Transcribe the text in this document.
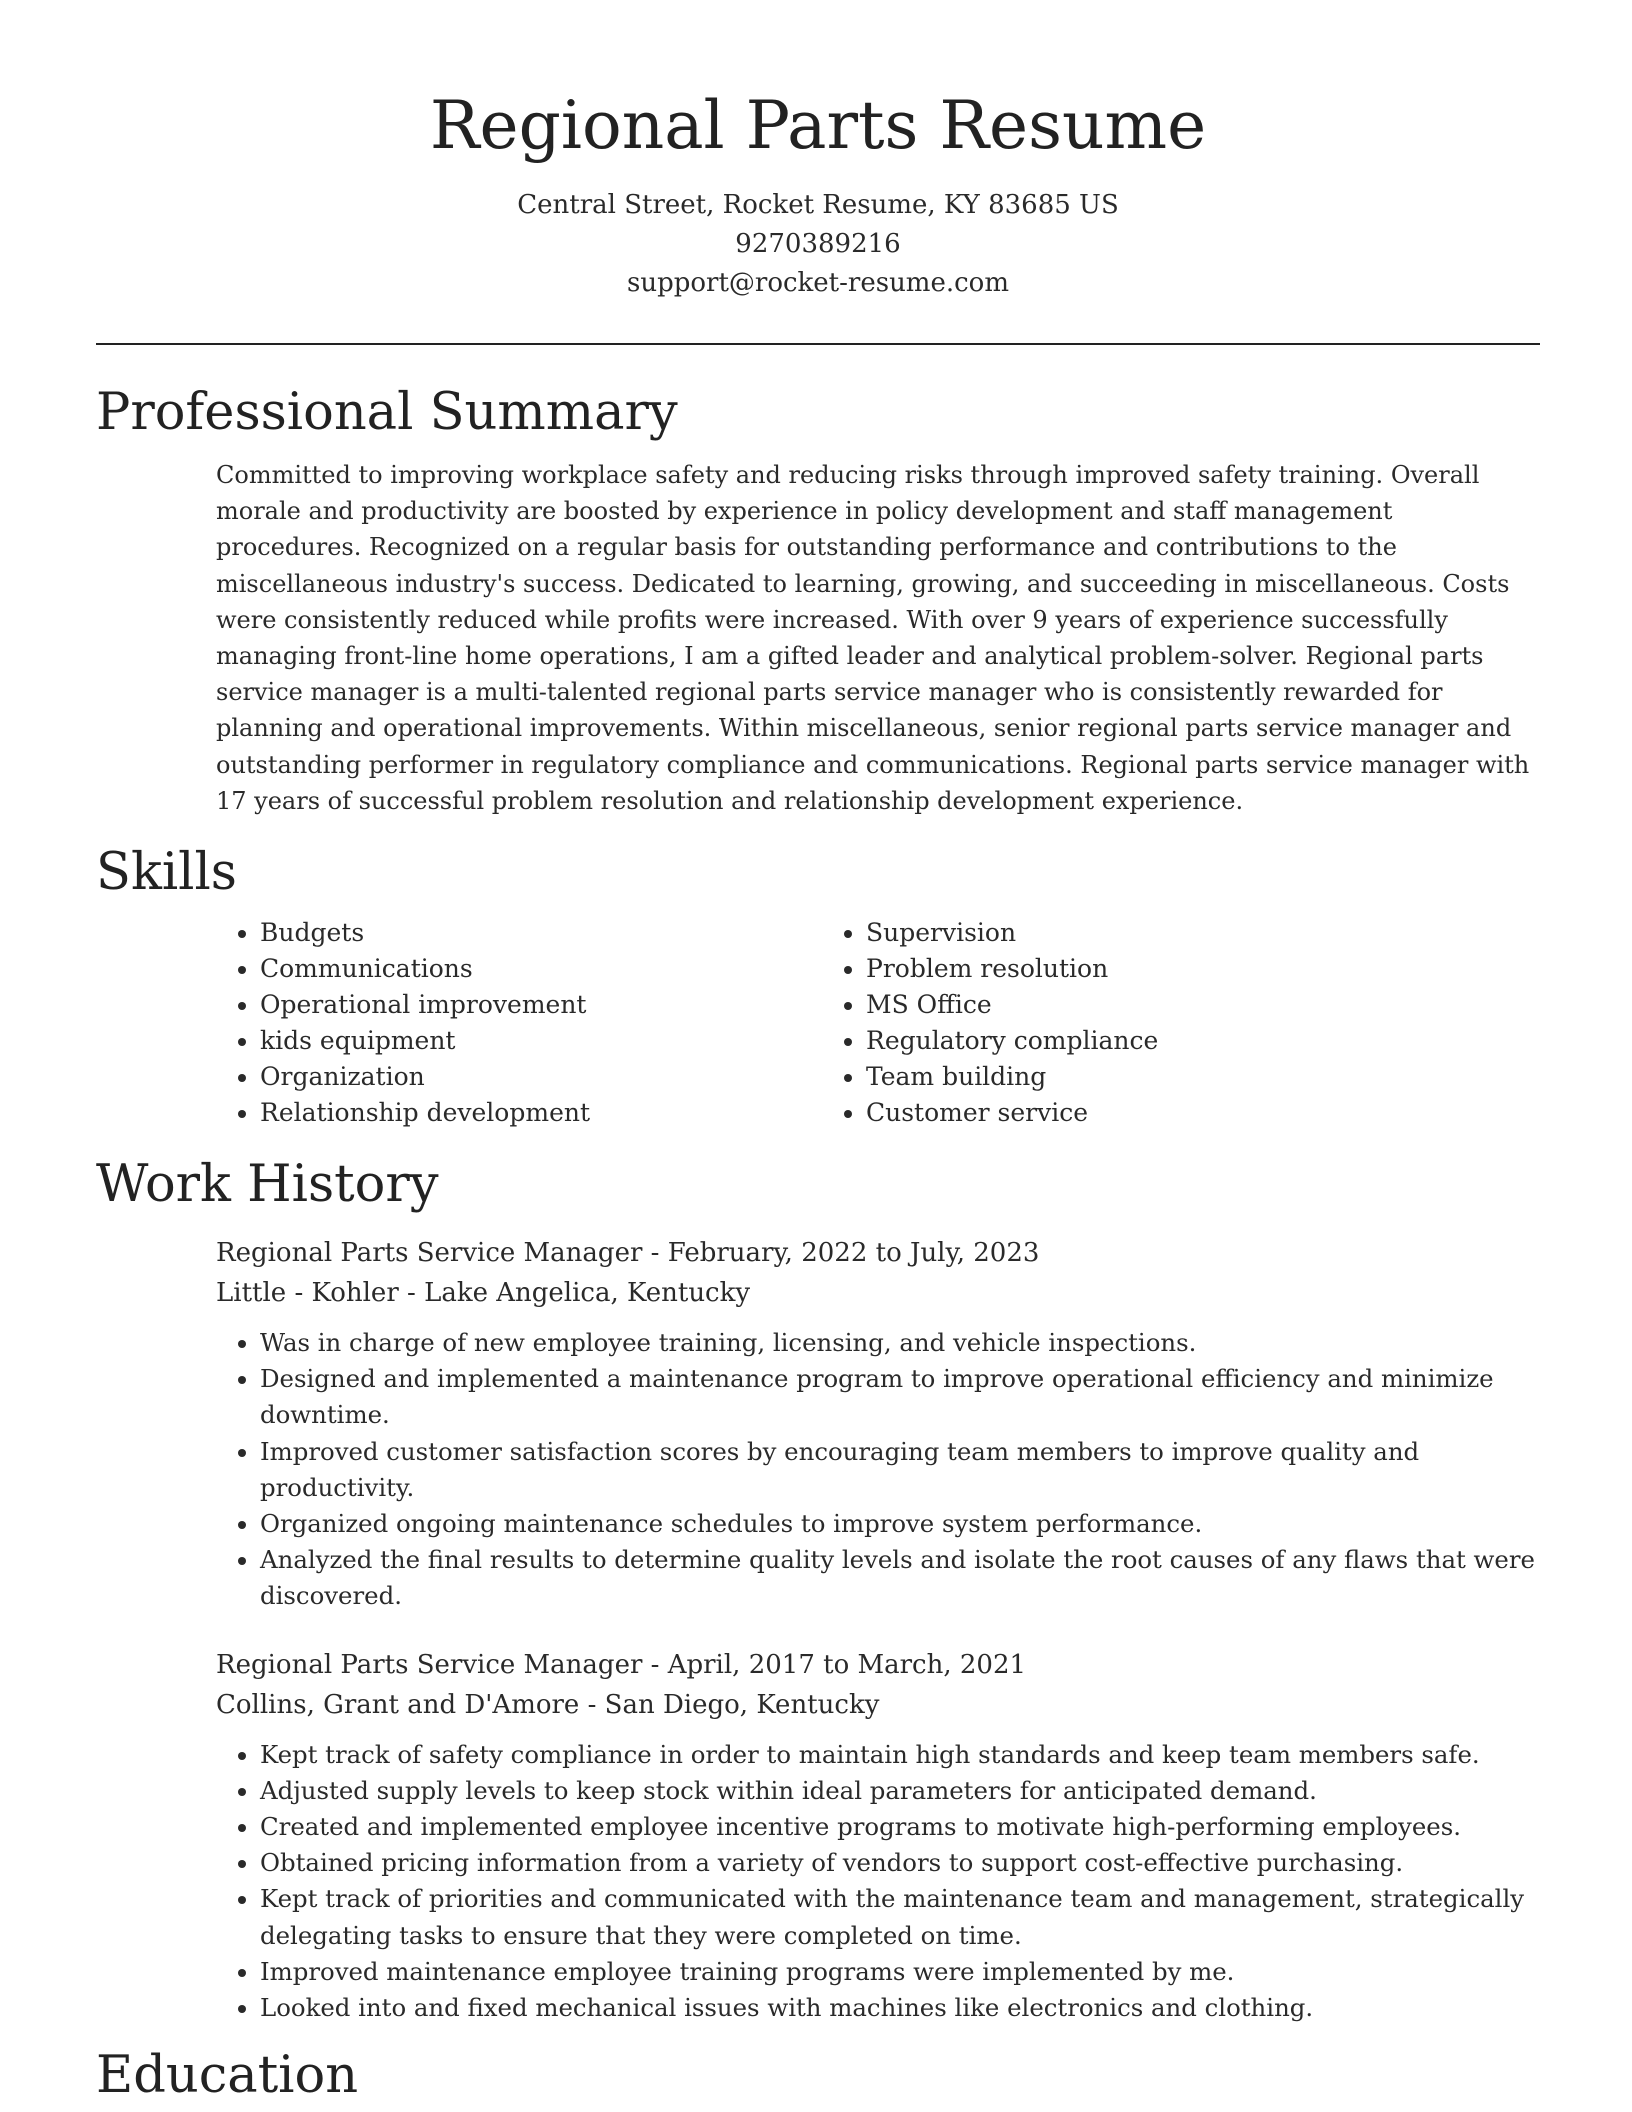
Regional Parts Resume
Central Street, Rocket Resume, KY 83685 US
9270389216
support@rocket-resume.com
Professional Summary

Committed to improving workplace safety and reducing risks through improved safety training. Overall morale and productivity are boosted by experience in policy development and staff management procedures. Recognized on a regular basis for outstanding performance and contributions to the miscellaneous industry's success. Dedicated to learning, growing, and succeeding in miscellaneous. Costs were consistently reduced while profits were increased. With over 9 years of experience successfully managing front-line home operations, I am a gifted leader and analytical problem-solver. Regional parts service manager is a multi-talented regional parts service manager who is consistently rewarded for planning and operational improvements. Within miscellaneous, senior regional parts service manager and outstanding performer in regulatory compliance and communications. Regional parts service manager with 17 years of successful problem resolution and relationship development experience.

Skills
• Budgets
• Communications
• Operational improvement
• kids equipment
• Organization
• Relationship development
• Supervision
• Problem resolution
• MS Office
• Regulatory compliance
• Team building
• Customer service
Work History
Regional Parts Service Manager - February, 2022 to July, 2023
Little - Kohler - Lake Angelica, Kentucky
• Was in charge of new employee training, licensing, and vehicle inspections.
• Designed and implemented a maintenance program to improve operational efficiency and minimize downtime.
• Improved customer satisfaction scores by encouraging team members to improve quality and productivity.
• Organized ongoing maintenance schedules to improve system performance.
• Analyzed the final results to determine quality levels and isolate the root causes of any flaws that were discovered.
Regional Parts Service Manager - April, 2017 to March, 2021
Collins, Grant and D'Amore - San Diego, Kentucky
• Kept track of safety compliance in order to maintain high standards and keep team members safe.
• Adjusted supply levels to keep stock within ideal parameters for anticipated demand.
• Created and implemented employee incentive programs to motivate high-performing employees.
• Obtained pricing information from a variety of vendors to support cost-effective purchasing.
• Kept track of priorities and communicated with the maintenance team and management, strategically delegating tasks to ensure that they were completed on time.
• Improved maintenance employee training programs were implemented by me.
• Looked into and fixed mechanical issues with machines like electronics and clothing.
Education
